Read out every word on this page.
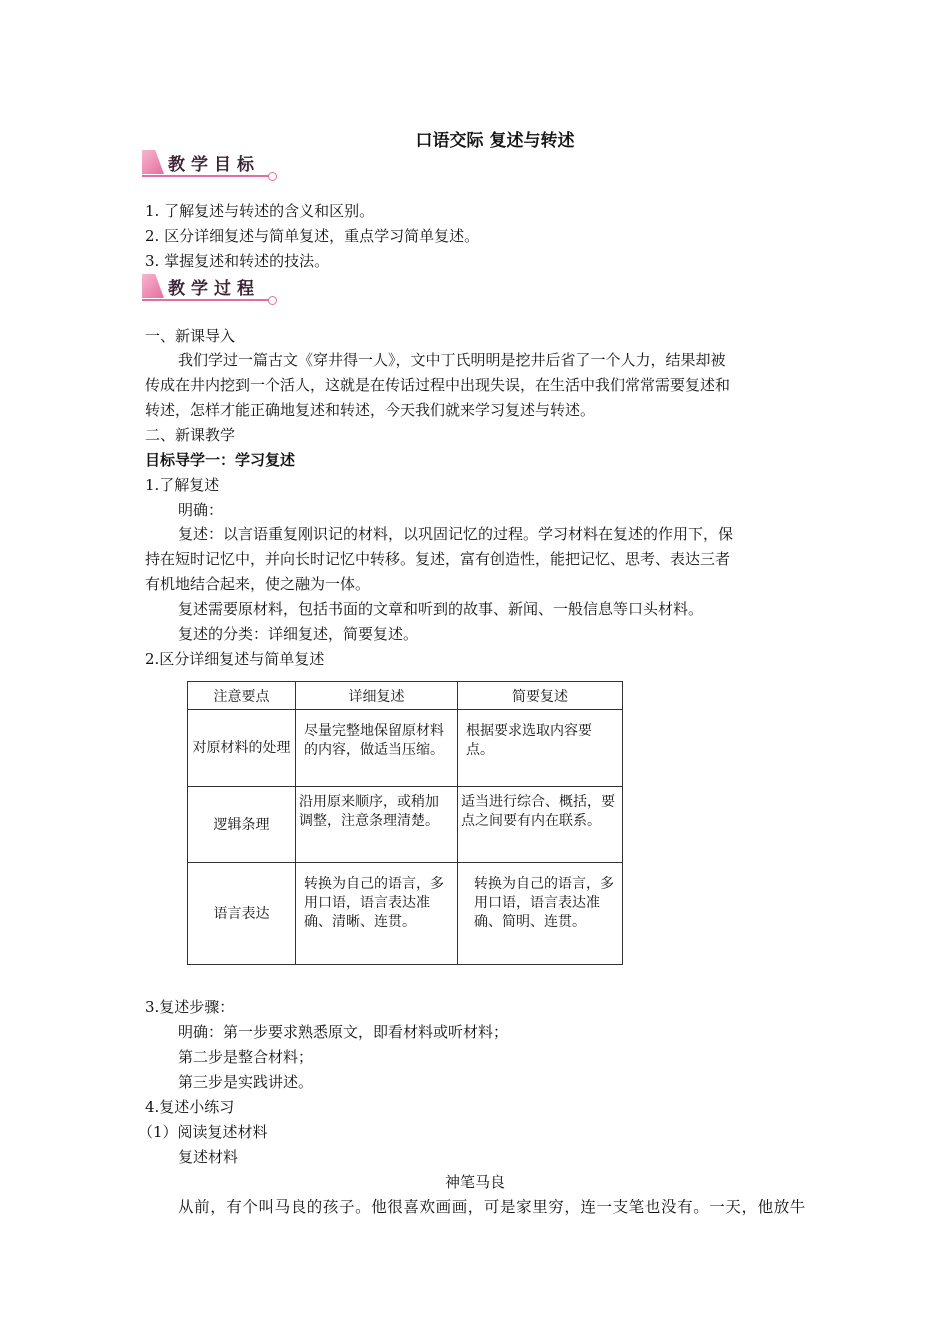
口语交际 复述与转述
教学目标
1. 了解复述与转述的含义和区别。
2. 区分详细复述与简单复述，重点学习简单复述。
3. 掌握复述和转述的技法。
教学过程
一、新课导入
我们学过一篇古文《穿井得一人》，文中丁氏明明是挖井后省了一个人力，结果却被
传成在井内挖到一个活人，这就是在传话过程中出现失误，在生活中我们常常需要复述和
转述，怎样才能正确地复述和转述，今天我们就来学习复述与转述。
二、新课教学
目标导学一：学习复述
1.了解复述
明确：
复述：以言语重复刚识记的材料，以巩固记忆的过程。学习材料在复述的作用下，保
持在短时记忆中，并向长时记忆中转移。复述，富有创造性，能把记忆、思考、表达三者
有机地结合起来，使之融为一体。
复述需要原材料，包括书面的文章和听到的故事、新闻、一般信息等口头材料。
复述的分类：详细复述，简要复述。
2.区分详细复述与简单复述
注意要点	详细复述	简要复述

对原材料的处理	尽量完整地保留原材料的内容，做适当压缩。	根据要求选取内容要点。

逻辑条理	沿用原来顺序，或稍加调整，注意条理清楚。	适当进行综合、概括，要点之间要有内在联系。

语言表达	转换为自己的语言，多用口语，语言表达准确、清晰、连贯。	转换为自己的语言，多用口语，语言表达准确、简明、连贯。
3.复述步骤：
明确：第一步要求熟悉原文，即看材料或听材料；
第二步是整合材料；
第三步是实践讲述。
4.复述小练习
（1）阅读复述材料
复述材料
神笔马良
从前，有个叫马良的孩子。他很喜欢画画，可是家里穷，连一支笔也没有。一天，他放牛
